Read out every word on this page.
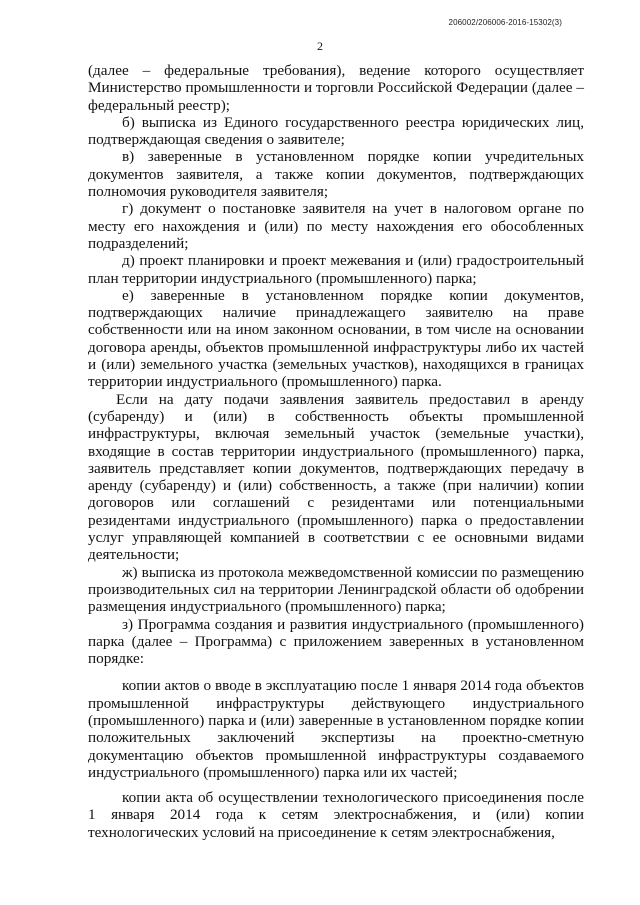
206002/206006-2016-15302(3)
2

(далее – федеральные требования), ведение которого осуществляет Министерство промышленности и торговли Российской Федерации (далее – федеральный реестр);

б) выписка из Единого государственного реестра юридических лиц, подтверждающая сведения о заявителе;

в) заверенные в установленном порядке копии учредительных документов заявителя, а также копии документов, подтверждающих полномочия руководителя заявителя;

г) документ о постановке заявителя на учет в налоговом органе по месту его нахождения и (или) по месту нахождения его обособленных подразделений;

д) проект планировки и проект межевания и (или) градостроительный план территории индустриального (промышленного) парка;

е) заверенные в установленном порядке копии документов, подтверждающих наличие принадлежащего заявителю на праве собственности или на ином законном основании, в том числе на основании договора аренды, объектов промышленной инфраструктуры либо их частей и (или) земельного участка (земельных участков), находящихся в границах территории индустриального (промышленного) парка.

Если на дату подачи заявления заявитель предоставил в аренду (субаренду) и (или) в собственность объекты промышленной инфраструктуры, включая земельный участок (земельные участки), входящие в состав территории индустриального (промышленного) парка, заявитель представляет копии документов, подтверждающих передачу в аренду (субаренду) и (или) собственность, а также (при наличии) копии договоров или соглашений с резидентами или потенциальными резидентами индустриального (промышленного) парка о предоставлении услуг управляющей компанией в соответствии с ее основными видами деятельности;

ж) выписка из протокола межведомственной комиссии по размещению производительных сил на территории Ленинградской области об одобрении размещения индустриального (промышленного) парка;

з) Программа создания и развития индустриального (промышленного) парка (далее – Программа) с приложением заверенных в установленном порядке:

копии актов о вводе в эксплуатацию после 1 января 2014 года объектов промышленной инфраструктуры действующего индустриального (промышленного) парка и (или) заверенные в установленном порядке копии положительных заключений экспертизы на проектно-сметную документацию объектов промышленной инфраструктуры создаваемого индустриального (промышленного) парка или их частей;

копии акта об осуществлении технологического присоединения после 1 января 2014 года к сетям электроснабжения, и (или) копии технологических условий на присоединение к сетям электроснабжения,
